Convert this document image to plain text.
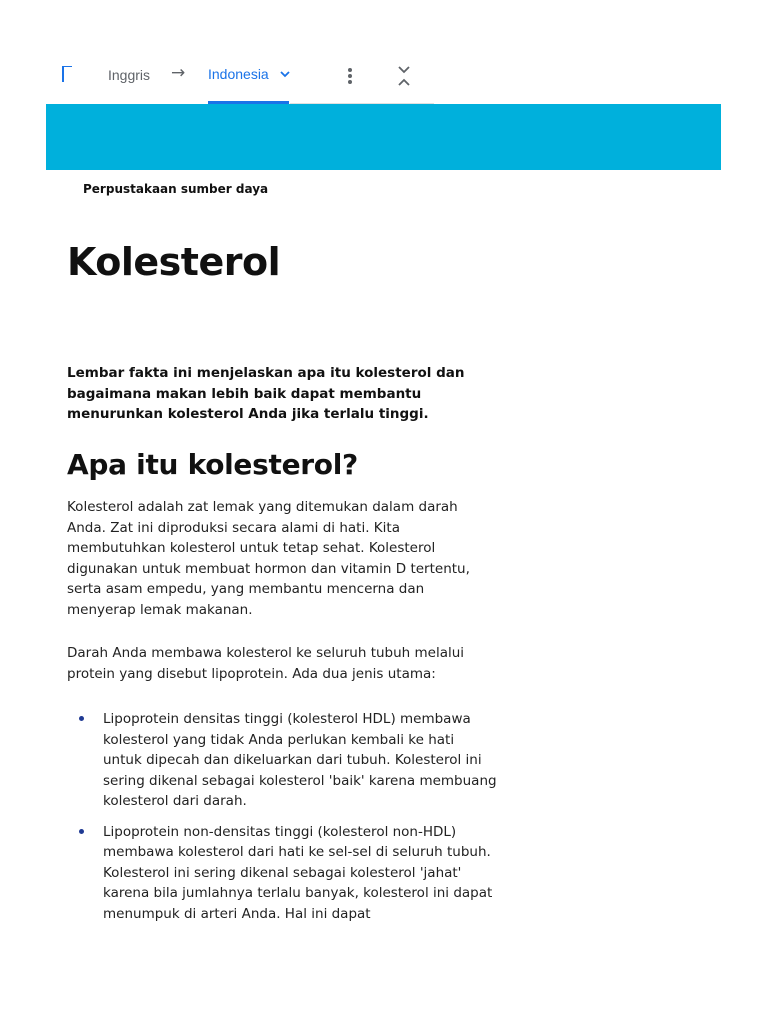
Inggris → Indonesia
Perpustakaan sumber daya
Kolesterol

Lembar fakta ini menjelaskan apa itu kolesterol dan bagaimana makan lebih baik dapat membantu menurunkan kolesterol Anda jika terlalu tinggi.

Apa itu kolesterol?

Kolesterol adalah zat lemak yang ditemukan dalam darah Anda. Zat ini diproduksi secara alami di hati. Kita membutuhkan kolesterol untuk tetap sehat. Kolesterol digunakan untuk membuat hormon dan vitamin D tertentu, serta asam empedu, yang membantu mencerna dan menyerap lemak makanan.

Darah Anda membawa kolesterol ke seluruh tubuh melalui protein yang disebut lipoprotein. Ada dua jenis utama:

Lipoprotein densitas tinggi (kolesterol HDL) membawa kolesterol yang tidak Anda perlukan kembali ke hati untuk dipecah dan dikeluarkan dari tubuh. Kolesterol ini sering dikenal sebagai kolesterol 'baik' karena membuang kolesterol dari darah.
Lipoprotein non-densitas tinggi (kolesterol non-HDL) membawa kolesterol dari hati ke sel-sel di seluruh tubuh. Kolesterol ini sering dikenal sebagai kolesterol 'jahat' karena bila jumlahnya terlalu banyak, kolesterol ini dapat menumpuk di arteri Anda. Hal ini dapat
